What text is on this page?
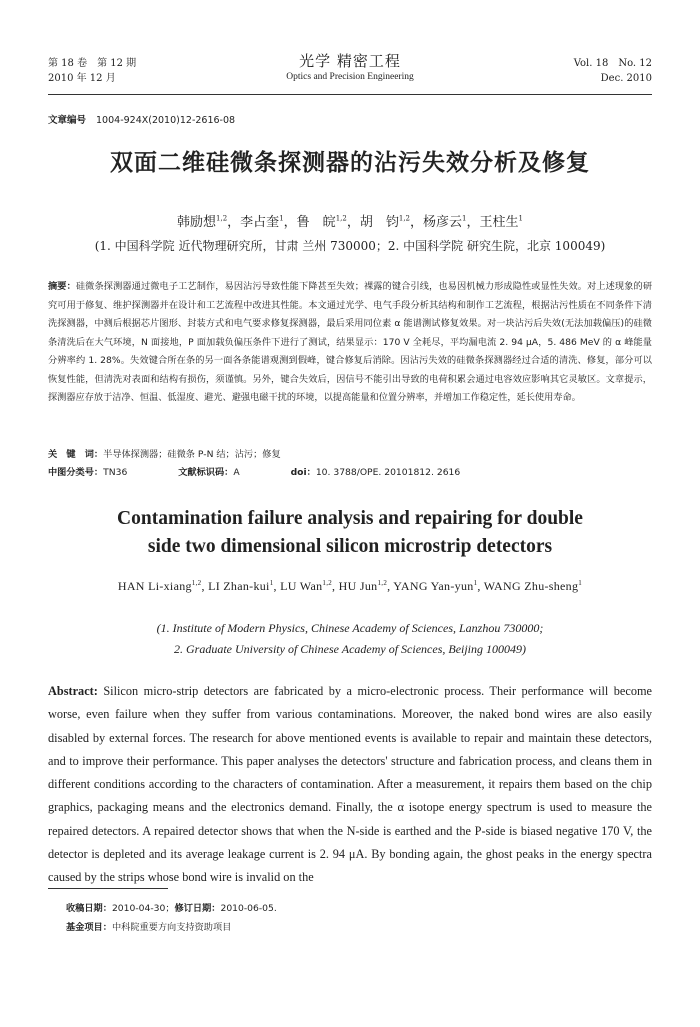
第 18 卷　第 12 期
2010 年 12 月
光学 精密工程
Optics and Precision Engineering
Vol. 18　No. 12
Dec. 2010
文章编号 1004-924X(2010)12-2616-08
双面二维硅微条探测器的沾污失效分析及修复
韩励想$^{1,2}$，李占奎$^1$，鲁　皖$^{1,2}$，胡　钧$^{1,2}$，杨彦云$^1$，王柱生$^1$
(1. 中国科学院 近代物理研究所，甘肃 兰州 730000；2. 中国科学院 研究生院，北京 100049)
摘要：硅微条探测器通过微电子工艺制作，易因沾污导致性能下降甚至失效；裸露的键合引线，也易因机械力形成隐性或显性失效。对上述现象的研究可用于修复、维护探测器并在设计和工艺流程中改进其性能。本文通过光学、电气手段分析其结构和制作工艺流程，根据沾污性质在不同条件下清洗探测器，中测后根据芯片图形、封装方式和电气要求修复探测器，最后采用同位素 α 能谱测试修复效果。对一块沾污后失效(无法加载偏压)的硅微条清洗后在大气环境，N 面接地，P 面加载负偏压条件下进行了测试，结果显示：170 V 全耗尽，平均漏电流 2. 94 μA，5. 486 MeV 的 α 峰能量分辨率约 1. 28%。失效键合所在条的另一面各条能谱观测到假峰，键合修复后消除。因沾污失效的硅微条探测器经过合适的清洗、修复，部分可以恢复性能，但清洗对表面和结构有损伤，须谨慎。另外，键合失效后，因信号不能引出导致的电荷积累会通过电容效应影响其它灵敏区。文章提示，探测器应存放于洁净、恒温、低湿度、避光、避强电磁干扰的环境，以提高能量和位置分辨率，并增加工作稳定性，延长使用寿命。
关　键　词：半导体探测器；硅微条 P-N 结；沾污；修复
中图分类号：TN36	文献标识码：A	doi：10. 3788/OPE. 20101812. 2616
Contamination failure analysis and repairing for double
side two dimensional silicon microstrip detectors
HAN Li-xiang$^{1,2}$, LI Zhan-kui$^1$, LU Wan$^{1,2}$, HU Jun$^{1,2}$, YANG Yan-yun$^1$, WANG Zhu-sheng$^1$
(1. Institute of Modern Physics, Chinese Academy of Sciences, Lanzhou 730000;
2. Graduate University of Chinese Academy of Sciences, Beijing 100049)
Abstract: Silicon micro-strip detectors are fabricated by a micro-electronic process. Their performance will become worse, even failure when they suffer from various contaminations. Moreover, the naked bond wires are also easily disabled by external forces. The research for above mentioned events is available to repair and maintain these detectors, and to improve their performance. This paper analyses the detectors' structure and fabrication process, and cleans them in different conditions according to the characters of contamination. After a measurement, it repairs them based on the chip graphics, packaging means and the electronics demand. Finally, the α isotope energy spectrum is used to measure the repaired detectors. A repaired detector shows that when the N-side is earthed and the P-side is biased negative 170 V, the detector is depleted and its average leakage current is 2. 94 μA. By bonding again, the ghost peaks in the energy spectra caused by the strips whose bond wire is invalid on the
收稿日期：2010-04-30；修订日期：2010-06-05.
基金项目：中科院重要方向支持资助项目
